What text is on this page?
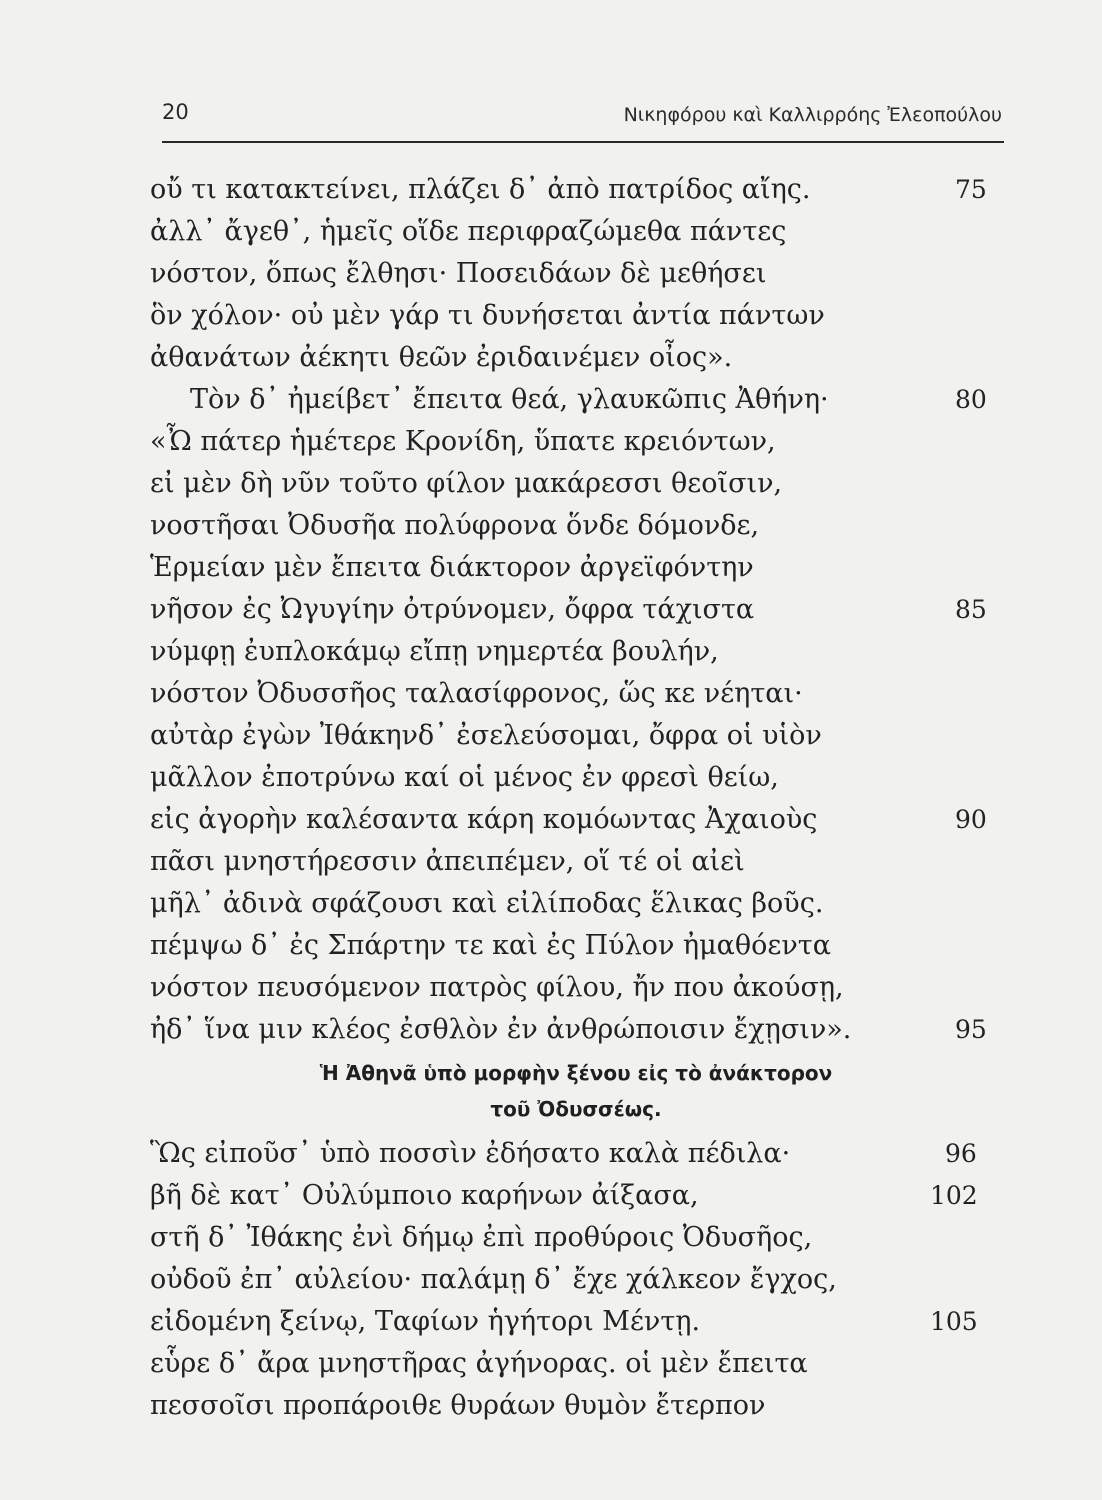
20	Νικηφόρου καὶ Καλλιρρόης Ἐλεοπούλου
οὔ τι κατακτείνει, πλάζει δ᾽ ἀπὸ πατρίδος αἴης.
ἀλλ᾽ ἄγεθ᾽, ἡμεῖς οἵδε περιφραζώμεθα πάντες
νόστον, ὅπως ἔλθησι· Ποσειδάων δὲ μεθήσει
ὃν χόλον· οὐ μὲν γάρ τι δυνήσεται ἀντία πάντων
ἀθανάτων ἀέκητι θεῶν ἐριδαινέμεν οἶος».
Τὸν δ᾽ ἠμείβετ᾽ ἔπειτα θεά, γλαυκῶπις Ἀθήνη·
«Ὦ πάτερ ἡμέτερε Κρονίδη, ὕπατε κρειόντων,
εἰ μὲν δὴ νῦν τοῦτο φίλον μακάρεσσι θεοῖσιν,
νοστῆσαι Ὀδυσῆα πολύφρονα ὅνδε δόμονδε,
Ἑρμείαν μὲν ἔπειτα διάκτορον ἀργεϊφόντην
νῆσον ἐς Ὠγυγίην ὀτρύνομεν, ὄφρα τάχιστα
νύμφῃ ἐυπλοκάμῳ εἴπῃ νημερτέα βουλήν,
νόστον Ὀδυσσῆος ταλασίφρονος, ὥς κε νέηται·
αὐτὰρ ἐγὼν Ἰθάκηνδ᾽ ἐσελεύσομαι, ὄφρα οἱ υἱὸν
μᾶλλον ἐποτρύνω καί οἱ μένος ἐν φρεσὶ θείω,
εἰς ἀγορὴν καλέσαντα κάρη κομόωντας Ἀχαιοὺς
πᾶσι μνηστήρεσσιν ἀπειπέμεν, οἵ τέ οἱ αἰεὶ
μῆλ᾽ ἀδινὰ σφάζουσι καὶ εἰλίποδας ἕλικας βοῦς.
πέμψω δ᾽ ἐς Σπάρτην τε καὶ ἐς Πύλον ἠμαθόεντα
νόστον πευσόμενον πατρὸς φίλου, ἤν που ἀκούσῃ,
ἠδ᾽ ἵνα μιν κλέος ἐσθλὸν ἐν ἀνθρώποισιν ἔχῃσιν».
75
80
85
90
95
Ἡ Ἀθηνᾶ ὑπὸ μορφὴν ξένου εἰς τὸ ἀνάκτορον
τοῦ Ὀδυσσέως.
Ὣς εἰποῦσ᾽ ὑπὸ ποσσὶν ἐδήσατο καλὰ πέδιλα·
βῆ δὲ κατ᾽ Οὐλύμποιο καρήνων ἀίξασα,
στῆ δ᾽ Ἰθάκης ἐνὶ δήμῳ ἐπὶ προθύροις Ὀδυσῆος,
οὐδοῦ ἐπ᾽ αὐλείου· παλάμῃ δ᾽ ἔχε χάλκεον ἔγχος,
εἰδομένη ξείνῳ, Ταφίων ἡγήτορι Μέντῃ.
εὗρε δ᾽ ἄρα μνηστῆρας ἀγήνορας. οἱ μὲν ἔπειτα
πεσσοῖσι προπάροιθε θυράων θυμὸν ἔτερπον
96
102
105
